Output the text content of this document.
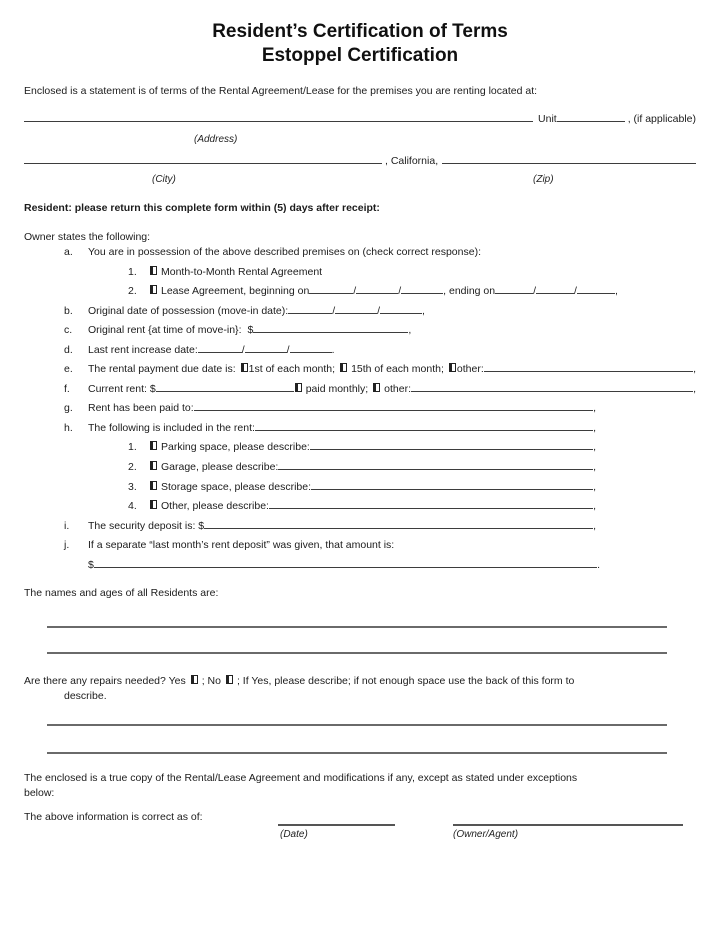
Resident’s Certification of Terms
Estoppel Certification
Enclosed is a statement is of terms of the Rental Agreement/Lease for the premises you are renting located at:
Unit	, (if applicable)
(Address)
, California,
(City)	(Zip)
Resident: please return this complete form within (5) days after receipt:
Owner states the following:
a.	You are in possession of the above described premises on (check correct response):
1.	Month-to-Month Rental Agreement
2.	Lease Agreement, beginning on	/	/	, ending on	/	/	,
b.	Original date of possession (move-in date):	/	/	,
c.	Original rent {at time of move-in}: $	,
d.	Last rent increase date:	/	/	.
e.	The rental payment due date is: 1st of each month; 15th of each month; other:	,
f.	Current rent: $	paid monthly; other:	,
g.	Rent has been paid to:	,
h.	The following is included in the rent:	,
1.	Parking space, please describe:	,
2.	Garage, please describe:	,
3.	Storage space, please describe:	,
4.	Other, please describe:	,
i.	The security deposit is: $	,
j.	If a separate “last month’s rent deposit” was given, that amount is:
$	.
The names and ages of all Residents are:
Are there any repairs needed? Yes ; No ; If Yes, please describe; if not enough space use the back of this form to
describe.
The enclosed is a true copy of the Rental/Lease Agreement and modifications if any, except as stated under exceptions
below:
The above information is correct as of:
(Date)	(Owner/Agent)
